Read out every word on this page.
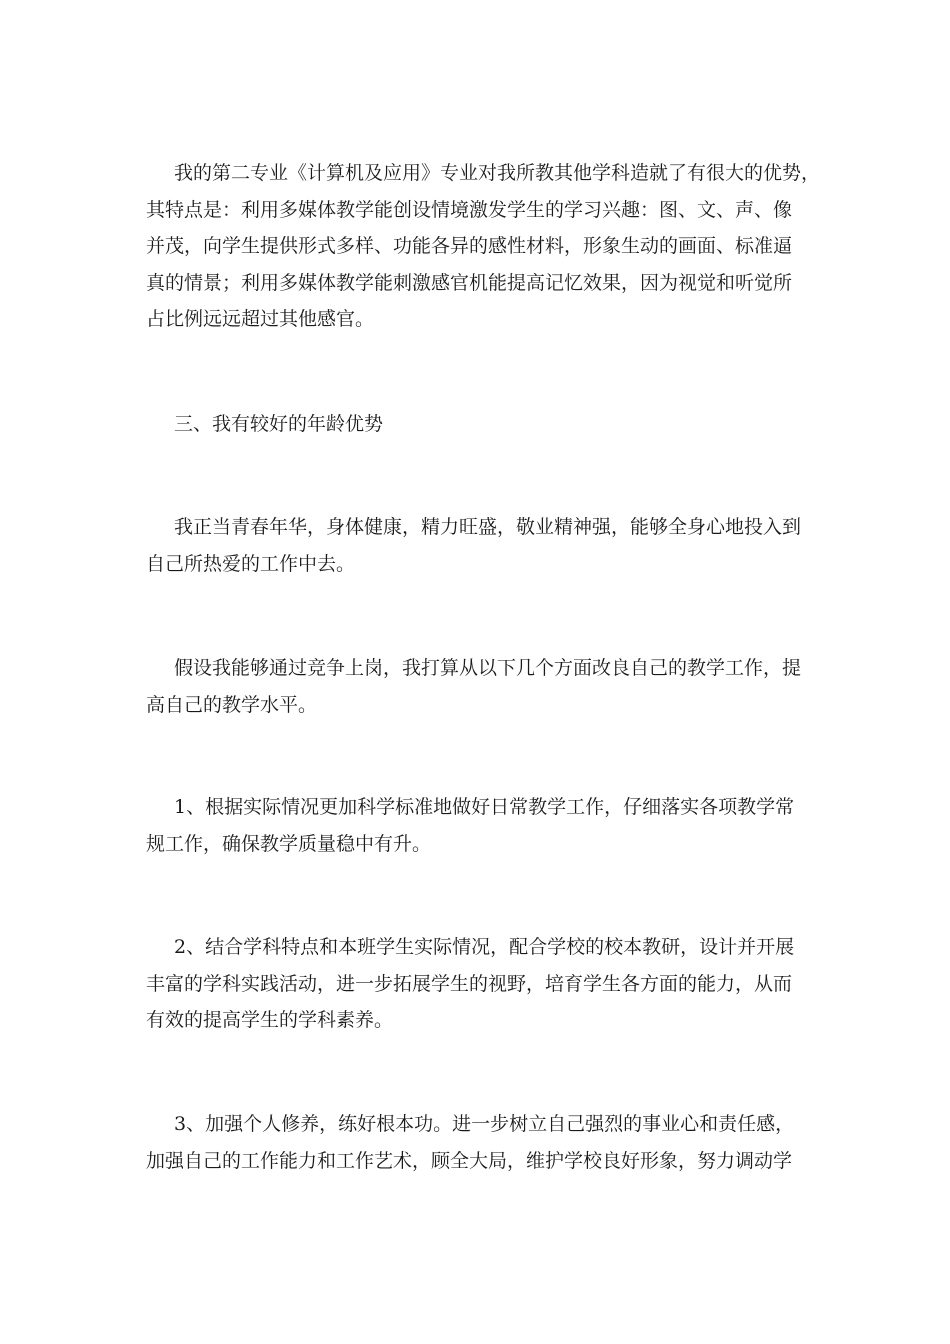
我的第二专业《计算机及应用》专业对我所教其他学科造就了有很大的优势，
其特点是：利用多媒体教学能创设情境激发学生的学习兴趣：图、文、声、像
并茂，向学生提供形式多样、功能各异的感性材料，形象生动的画面、标准逼
真的情景；利用多媒体教学能刺激感官机能提高记忆效果，因为视觉和听觉所
占比例远远超过其他感官。
三、我有较好的年龄优势
我正当青春年华，身体健康，精力旺盛，敬业精神强，能够全身心地投入到
自己所热爱的工作中去。
假设我能够通过竞争上岗，我打算从以下几个方面改良自己的教学工作，提
高自己的教学水平。
1、根据实际情况更加科学标准地做好日常教学工作，仔细落实各项教学常
规工作，确保教学质量稳中有升。
2、结合学科特点和本班学生实际情况，配合学校的校本教研，设计并开展
丰富的学科实践活动，进一步拓展学生的视野，培育学生各方面的能力，从而
有效的提高学生的学科素养。
3、加强个人修养，练好根本功。进一步树立自己强烈的事业心和责任感，
加强自己的工作能力和工作艺术，顾全大局，维护学校良好形象，努力调动学
